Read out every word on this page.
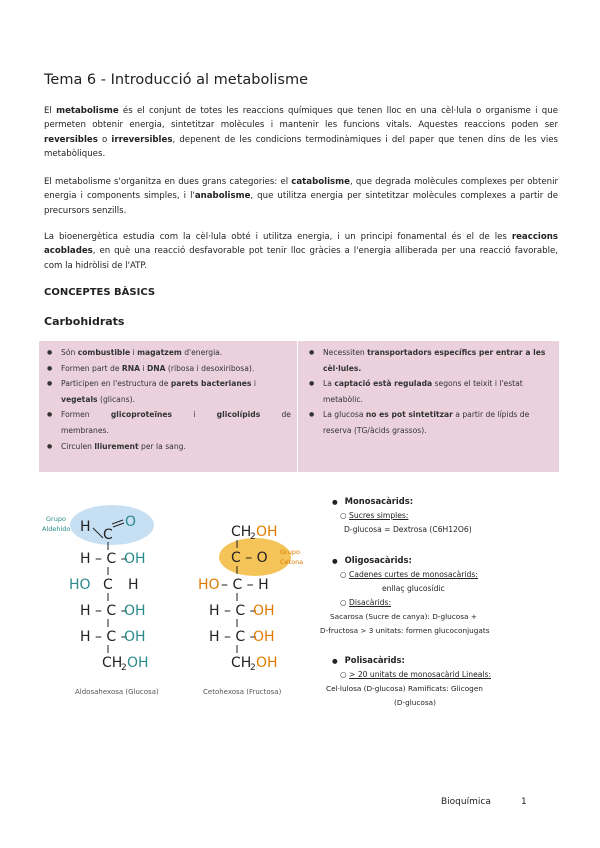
Tema 6 - Introducció al metabolisme
El metabolisme és el conjunt de totes les reaccions químiques que tenen lloc en una cèl·lula o organisme i que permeten obtenir energia, sintetitzar molècules i mantenir les funcions vitals. Aquestes reaccions poden ser reversibles o irreversibles, depenent de les condicions termodinàmiques i del paper que tenen dins de les vies metabòliques.
El metabolisme s'organitza en dues grans categories: el catabolisme, que degrada molècules complexes per obtenir energia i components simples, i l'anabolisme, que utilitza energia per sintetitzar molècules complexes a partir de precursors senzills.
La bioenergètica estudia com la cèl·lula obté i utilitza energia, i un principi fonamental és el de les reaccions acoblades, en què una reacció desfavorable pot tenir lloc gràcies a l'energia alliberada per una reacció favorable, com la hidròlisi de l'ATP.
CONCEPTES BÀSICS
Carbohidrats
● Són combustible i magatzem d'energia.
● Formen part de RNA i DNA (ribosa i desoxiribosa).
● Participen en l'estructura de parets bacterianes i vegetals (glicans).
● Formen	glicoproteïnes	i	glicolípids	de
membranes.
● Circulen lliurement per la sang.
● Necessiten transportadors específics per entrar a les cèl·lules.
● La captació està regulada segons el teixit i l'estat metabòlic.
● La glucosa no es pot sintetitzar a partir de lípids de reserva (TG/àcids grassos).
Grupo
Aldehído H C
O
H – C –
OH
HO C H
H – C –
OH
H – C –
OH
CH
2 OH
Aldosahexosa (Glucosa)
Grupo
Cetona
CH
2 OH
C – O
HO – C – H
H – C –
OH
H – C –
OH
CH
2 OH
Cetohexosa (Fructosa)
● Monosacàrids:
○ Sucres simples:
D-glucosa = Dextrosa (C6H12O6)
● Oligosacàrids:
○ Cadenes curtes de monosacàrids:
enllaç glucosídic
○ Disacàrids:
Sacarosa (Sucre de canya): D-glucosa +
D-fructosa > 3 unitats: formen glucoconjugats
● Polisacàrids:
○ > 20 unitats de monosacàrid Lineals:
Cel·lulosa (D-glucosa) Ramificats: Glicogen
(D-glucosa)
Bioquímica	1
